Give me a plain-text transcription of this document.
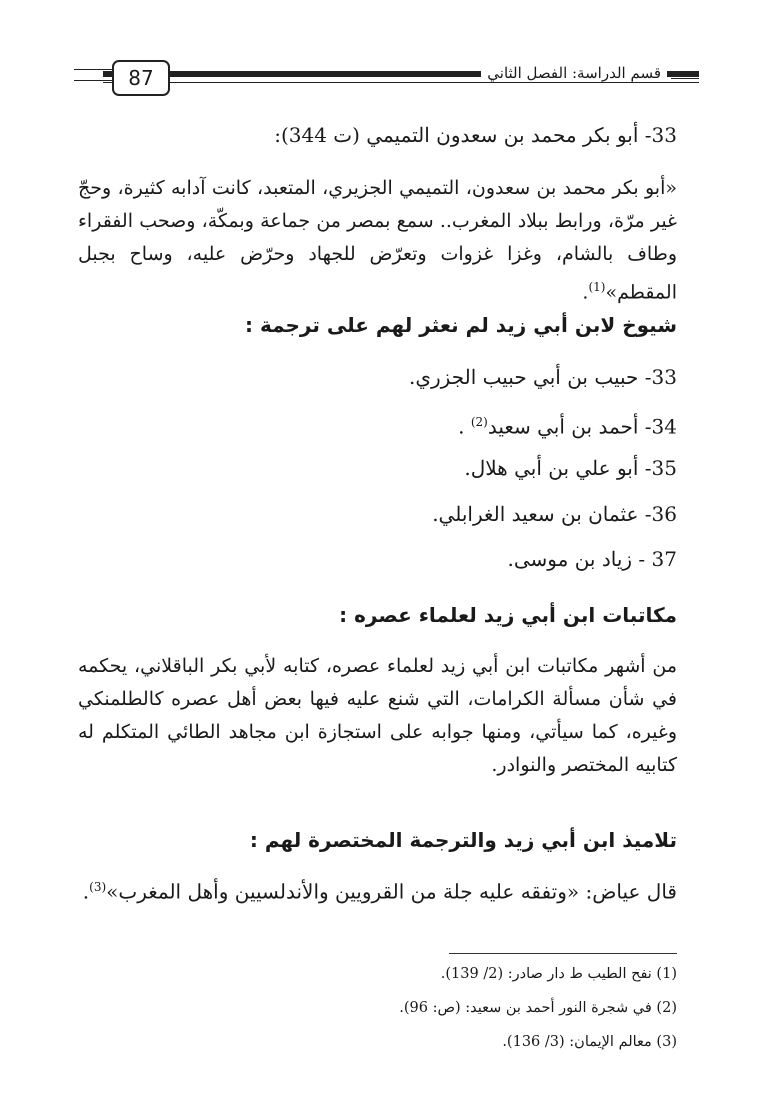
87	قسم الدراسة: الفصل الثاني
33- أبو بكر محمد بن سعدون التميمي (ت 344):
«أبو بكر محمد بن سعدون، التميمي الجزيري، المتعبد، كانت آدابه كثيرة، وحجّ غير مرّة، ورابط ببلاد المغرب.. سمع بمصر من جماعة وبمكّة، وصحب الفقراء وطاف بالشام، وغزا غزوات وتعرّض للجهاد وحرّض عليه، وساح بجبل المقطم»$^{(1)}$.
شيوخ لابن أبي زيد لم نعثر لهم على ترجمة :
33- حبيب بن أبي حبيب الجزري.
34- أحمد بن أبي سعيد$^{(2)}$ .
35- أبو علي بن أبي هلال.
36- عثمان بن سعيد الغرابلي.
37 - زياد بن موسى.
مكاتبات ابن أبي زيد لعلماء عصره :
من أشهر مكاتبات ابن أبي زيد لعلماء عصره، كتابه لأبي بكر الباقلاني، يحكمه في شأن مسألة الكرامات، التي شنع عليه فيها بعض أهل عصره كالطلمنكي وغيره، كما سيأتي، ومنها جوابه على استجازة ابن مجاهد الطائي المتكلم له كتابيه المختصر والنوادر.
تلاميذ ابن أبي زيد والترجمة المختصرة لهم :
قال عياض: «وتفقه عليه جلة من القرويين والأندلسيين وأهل المغرب»$^{(3)}$.
(1) نفح الطيب ط دار صادر: (2/ 139).
(2) في شجرة النور أحمد بن سعيد: (ص: 96).
(3) معالم الإيمان: (3/ 136).
